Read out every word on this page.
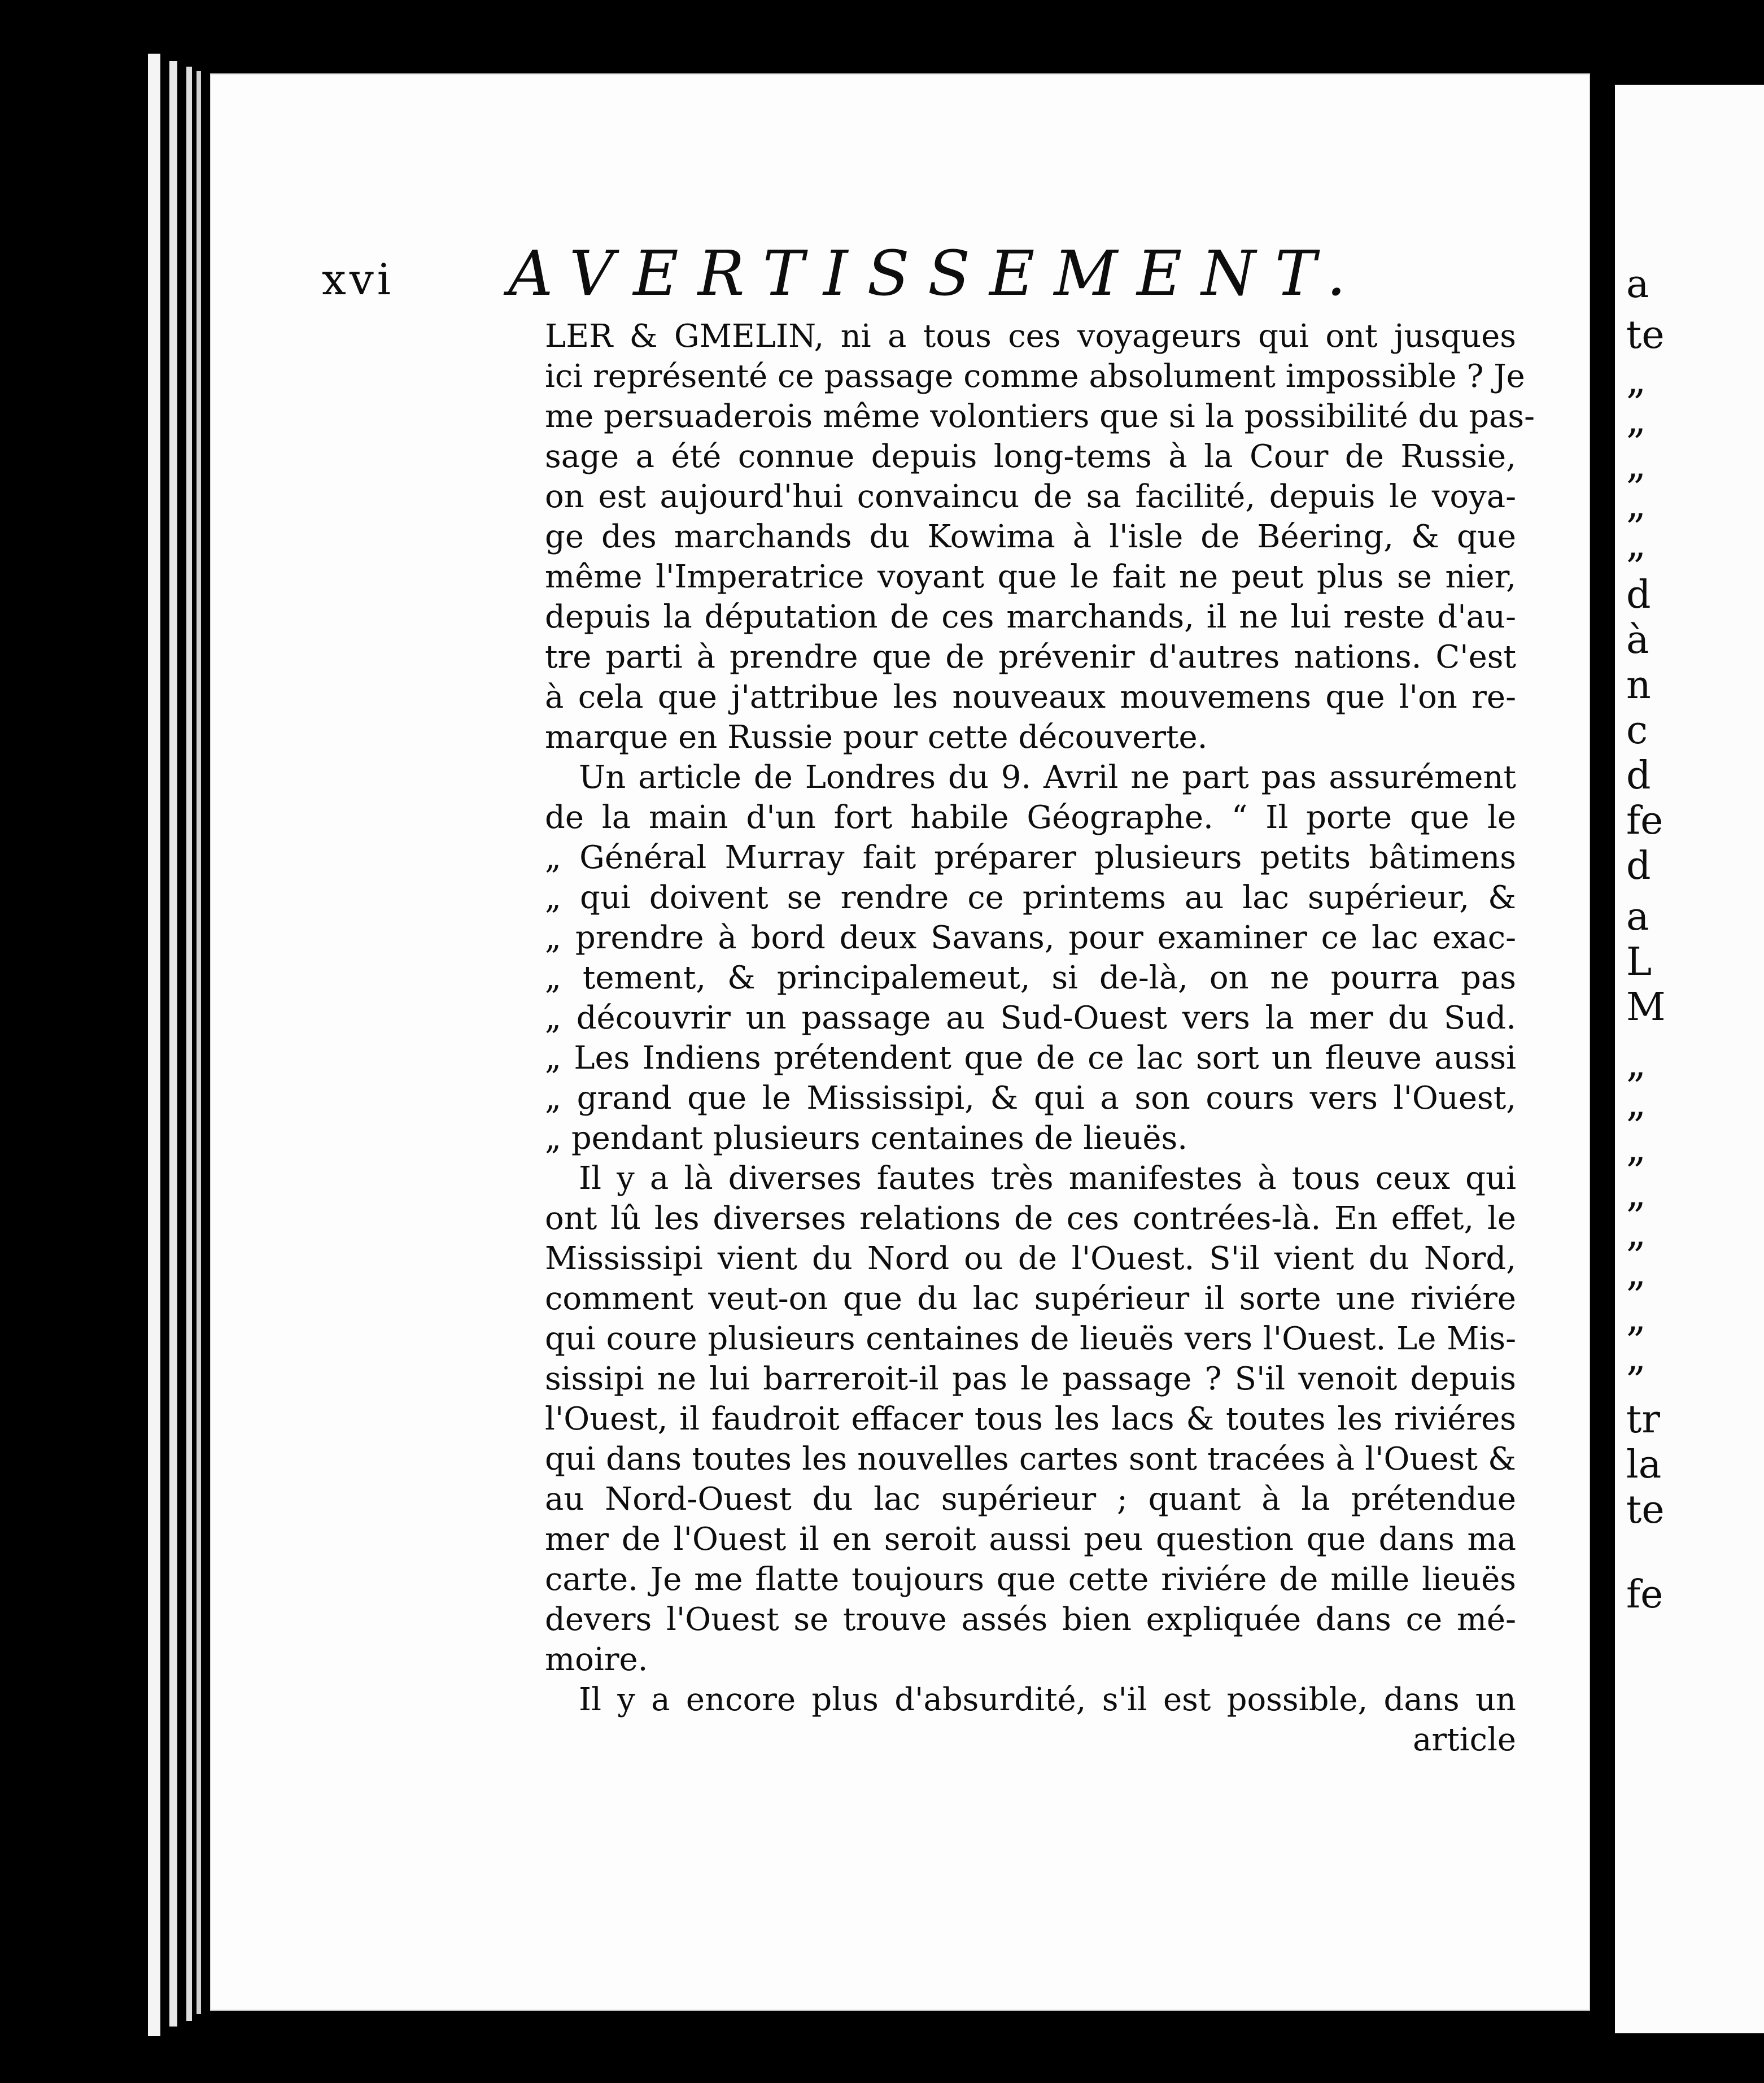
a
te
„
„
„
„
„
d
à
n
c
d
fe
d
a
L
M
„
„
„
„
„
„
„
„
tr
la
te
fe
xvi AVERTISSEMENT.
LER & GMELIN, ni a tous ces voyageurs qui ont jusques
ici représenté ce passage comme absolument impossible ? Je
me persuaderois même volontiers que si la possibilité du pas-
sage a été connue depuis long-tems à la Cour de Russie,
on est aujourd'hui convaincu de sa facilité, depuis le voya-
ge des marchands du Kowima à l'isle de Béering, & que
même l'Imperatrice voyant que le fait ne peut plus se nier,
depuis la députation de ces marchands, il ne lui reste d'au-
tre parti à prendre que de prévenir d'autres nations. C'est
à cela que j'attribue les nouveaux mouvemens que l'on re-
marque en Russie pour cette découverte.
Un article de Londres du 9. Avril ne part pas assurément
de la main d'un fort habile Géographe. “ Il porte que le
„ Général Murray fait préparer plusieurs petits bâtimens
„ qui doivent se rendre ce printems au lac supérieur, &
„ prendre à bord deux Savans, pour examiner ce lac exac-
„ tement, & principalemeut, si de-là, on ne pourra pas
„ découvrir un passage au Sud-Ouest vers la mer du Sud.
„ Les Indiens prétendent que de ce lac sort un fleuve aussi
„ grand que le Mississipi, & qui a son cours vers l'Ouest,
„ pendant plusieurs centaines de lieuës.
Il y a là diverses fautes très manifestes à tous ceux qui
ont lû les diverses relations de ces contrées-là. En effet, le
Mississipi vient du Nord ou de l'Ouest. S'il vient du Nord,
comment veut-on que du lac supérieur il sorte une riviére
qui coure plusieurs centaines de lieuës vers l'Ouest. Le Mis-
sissipi ne lui barreroit-il pas le passage ? S'il venoit depuis
l'Ouest, il faudroit effacer tous les lacs & toutes les riviéres
qui dans toutes les nouvelles cartes sont tracées à l'Ouest &
au Nord-Ouest du lac supérieur ; quant à la prétendue
mer de l'Ouest il en seroit aussi peu question que dans ma
carte. Je me flatte toujours que cette riviére de mille lieuës
devers l'Ouest se trouve assés bien expliquée dans ce mé-
moire.
Il y a encore plus d'absurdité, s'il est possible, dans un
article
